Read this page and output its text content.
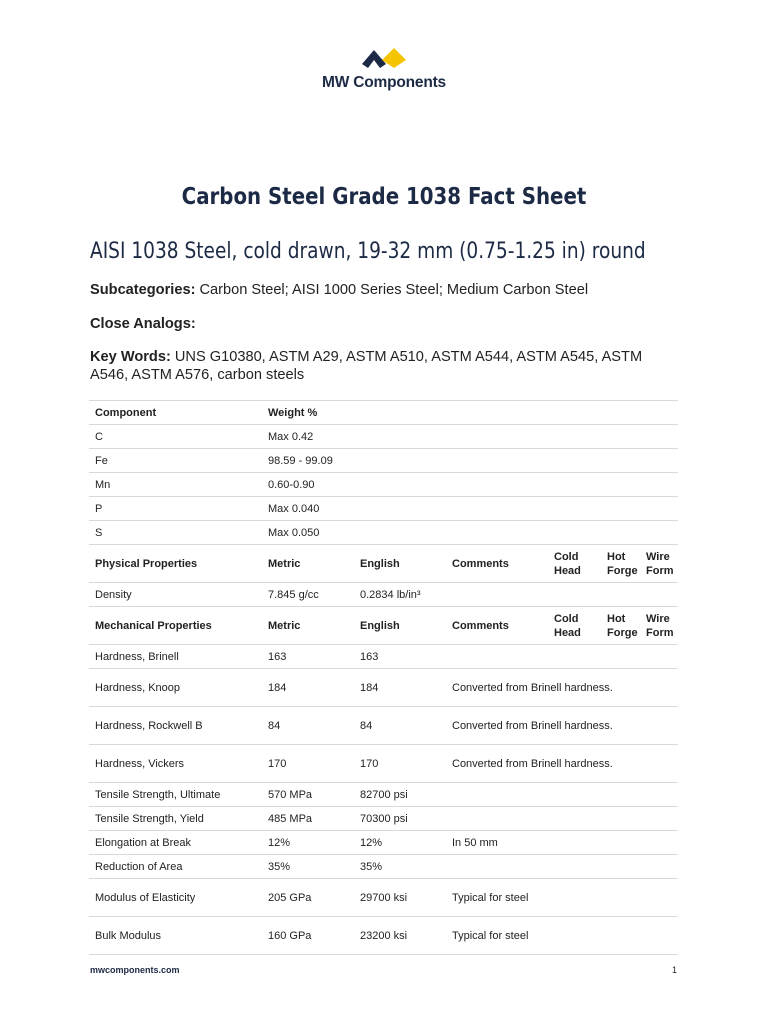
MW Components
Carbon Steel Grade 1038 Fact Sheet
AISI 1038 Steel, cold drawn, 19-32 mm (0.75-1.25 in) round
Subcategories: Carbon Steel; AISI 1000 Series Steel; Medium Carbon Steel
Close Analogs:
Key Words: UNS G10380, ASTM A29, ASTM A510, ASTM A544, ASTM A545, ASTM A546, ASTM A576, carbon steels
Component	Weight %					
C	Max 0.42					
Fe	98.59 - 99.09					
Mn	0.60-0.90					
P	Max 0.040					
S	Max 0.050					
Physical Properties	Metric	English	Comments	Cold Head	Hot Forge	Wire Form
Density	7.845 g/cc	0.2834 lb/in³				
Mechanical Properties	Metric	English	Comments	Cold Head	Hot Forge	Wire Form
Hardness, Brinell	163	163				
Hardness, Knoop	184	184	Converted from Brinell hardness.			
Hardness, Rockwell B	84	84	Converted from Brinell hardness.			
Hardness, Vickers	170	170	Converted from Brinell hardness.			
Tensile Strength, Ultimate	570 MPa	82700 psi				
Tensile Strength, Yield	485 MPa	70300 psi				
Elongation at Break	12%	12%	In 50 mm			
Reduction of Area	35%	35%				
Modulus of Elasticity	205 GPa	29700 ksi	Typical for steel			
Bulk Modulus	160 GPa	23200 ksi	Typical for steel			
mwcomponents.com	1
